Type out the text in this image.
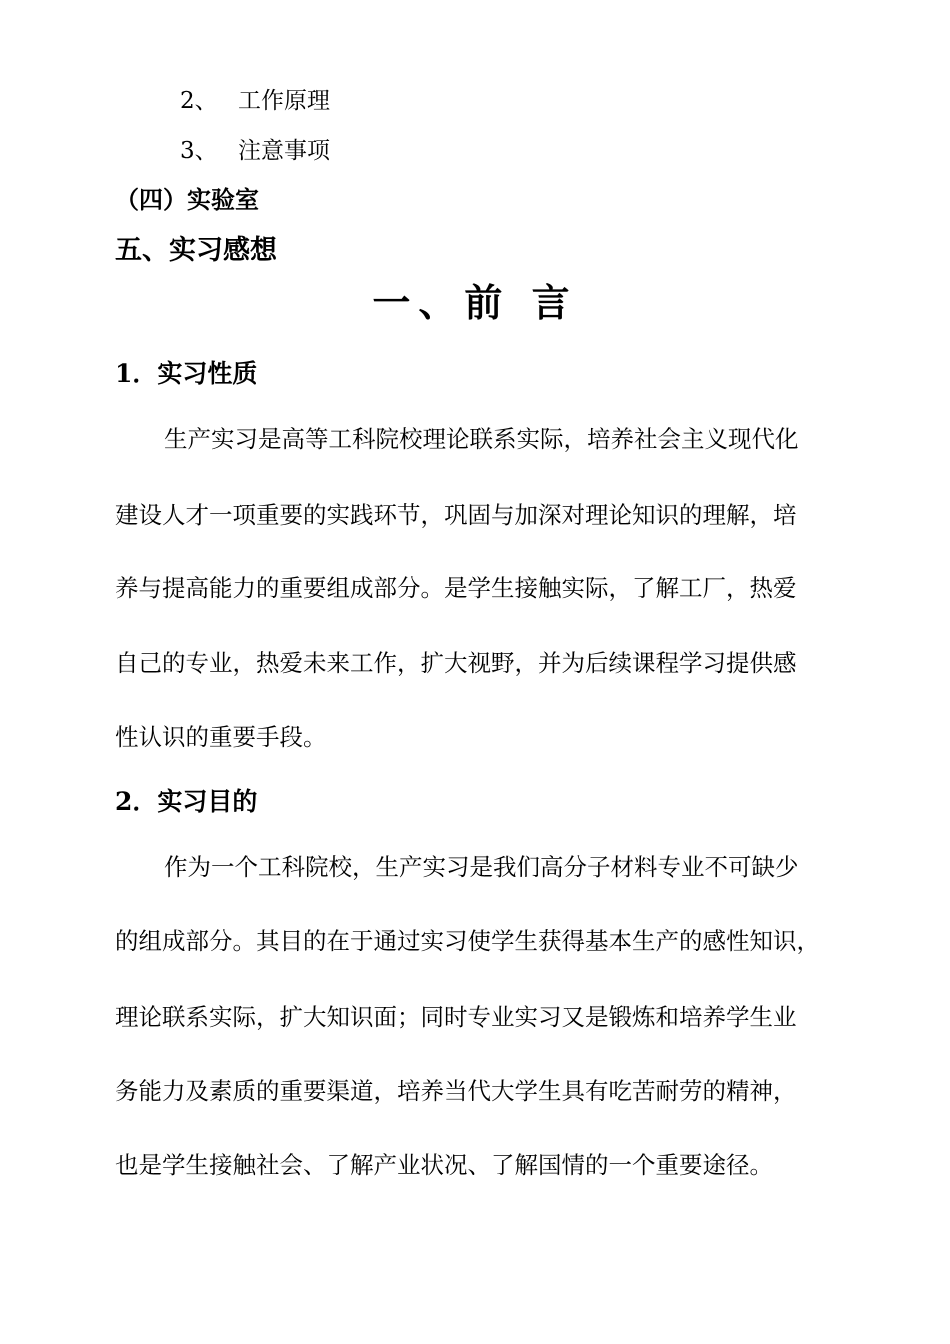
2、 工作原理
3、 注意事项
（四）实验室
五、实习感想
一、前 言
1．实习性质
生产实习是高等工科院校理论联系实际，培养社会主义现代化
建设人才一项重要的实践环节，巩固与加深对理论知识的理解，培
养与提高能力的重要组成部分。是学生接触实际，了解工厂，热爱
自己的专业，热爱未来工作，扩大视野，并为后续课程学习提供感
性认识的重要手段。
2．实习目的
作为一个工科院校，生产实习是我们高分子材料专业不可缺少
的组成部分。其目的在于通过实习使学生获得基本生产的感性知识，
理论联系实际，扩大知识面；同时专业实习又是锻炼和培养学生业
务能力及素质的重要渠道，培养当代大学生具有吃苦耐劳的精神，
也是学生接触社会、了解产业状况、了解国情的一个重要途径。
